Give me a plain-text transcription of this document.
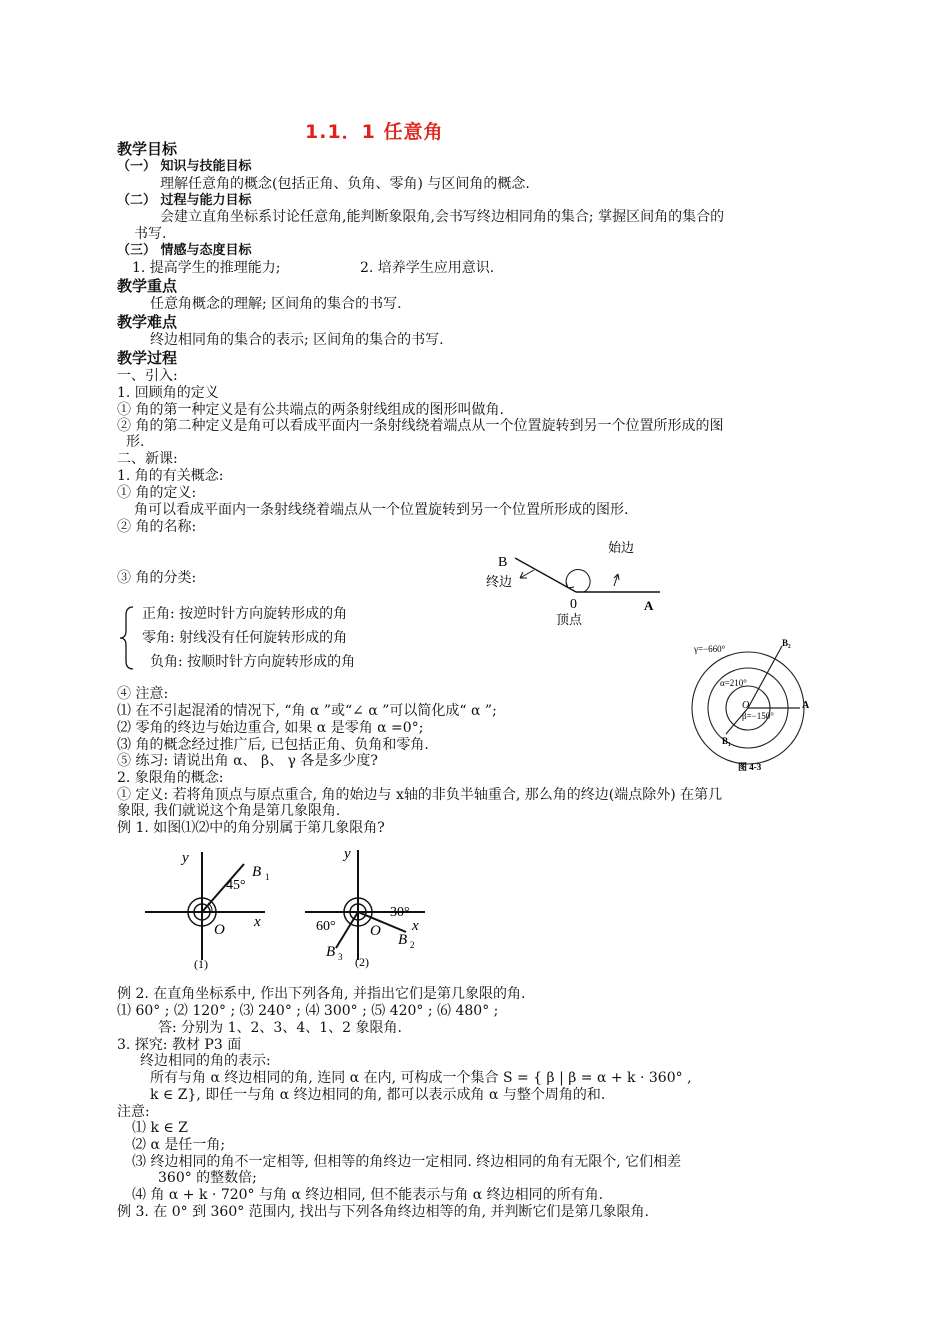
1.1．1 任意角
教学目标
（一） 知识与技能目标
理解任意角的概念(包括正角、负角、零角) 与区间角的概念.
（二） 过程与能力目标
会建立直角坐标系讨论任意角,能判断象限角,会书写终边相同角的集合; 掌握区间角的集合的
书写.
（三） 情感与态度目标
1. 提高学生的推理能力;	2. 培养学生应用意识.
教学重点
任意角概念的理解; 区间角的集合的书写.
教学难点
终边相同角的集合的表示; 区间角的集合的书写.
教学过程
一、引入:
1. 回顾角的定义
① 角的第一种定义是有公共端点的两条射线组成的图形叫做角.
② 角的第二种定义是角可以看成平面内一条射线绕着端点从一个位置旋转到另一个位置所形成的图
形.
二、新课:
1. 角的有关概念:
① 角的定义:
角可以看成平面内一条射线绕着端点从一个位置旋转到另一个位置所形成的图形.
② 角的名称:
③ 角的分类:
正角: 按逆时针方向旋转形成的角
零角: 射线没有任何旋转形成的角
负角: 按顺时针方向旋转形成的角
B
始边
终边
0
顶点
A
γ=−660°
α=210°
β=−150°
O	A
B₂
B₁
图 4-3
④ 注意:
⑴ 在不引起混淆的情况下, “角 α ”或“∠ α ”可以简化成“ α ”;
⑵ 零角的终边与始边重合, 如果 α 是零角 α =0°;
⑶ 角的概念经过推广后, 已包括正角、负角和零角.
⑤ 练习: 请说出角 α、 β、 γ 各是多少度?
2. 象限角的概念:
① 定义: 若将角顶点与原点重合, 角的始边与 x轴的非负半轴重合, 那么角的终边(端点除外) 在第几
象限, 我们就说这个角是第几象限角.
例 1. 如图⑴⑵中的角分别属于第几象限角?
y
x
O
B 1
45°
(1)
y
x
O
30°
60°
B 2
B 3 (2)
例 2. 在直角坐标系中, 作出下列各角, 并指出它们是第几象限的角.
⑴ 60° ; ⑵ 120° ; ⑶ 240° ; ⑷ 300° ; ⑸ 420° ; ⑹ 480° ;
答: 分别为 1、2、3、4、1、2 象限角.
3. 探究: 教材 P3 面
终边相同的角的表示:
所有与角 α 终边相同的角, 连同 α 在内, 可构成一个集合 S = { β | β = α + k · 360° ,
k ∈ Z}, 即任一与角 α 终边相同的角, 都可以表示成角 α 与整个周角的和.
注意:
⑴ k ∈ Z
⑵ α 是任一角;
⑶ 终边相同的角不一定相等, 但相等的角终边一定相同. 终边相同的角有无限个, 它们相差
360° 的整数倍;
⑷ 角 α + k · 720° 与角 α 终边相同, 但不能表示与角 α 终边相同的所有角.
例 3. 在 0° 到 360° 范围内, 找出与下列各角终边相等的角, 并判断它们是第几象限角.
